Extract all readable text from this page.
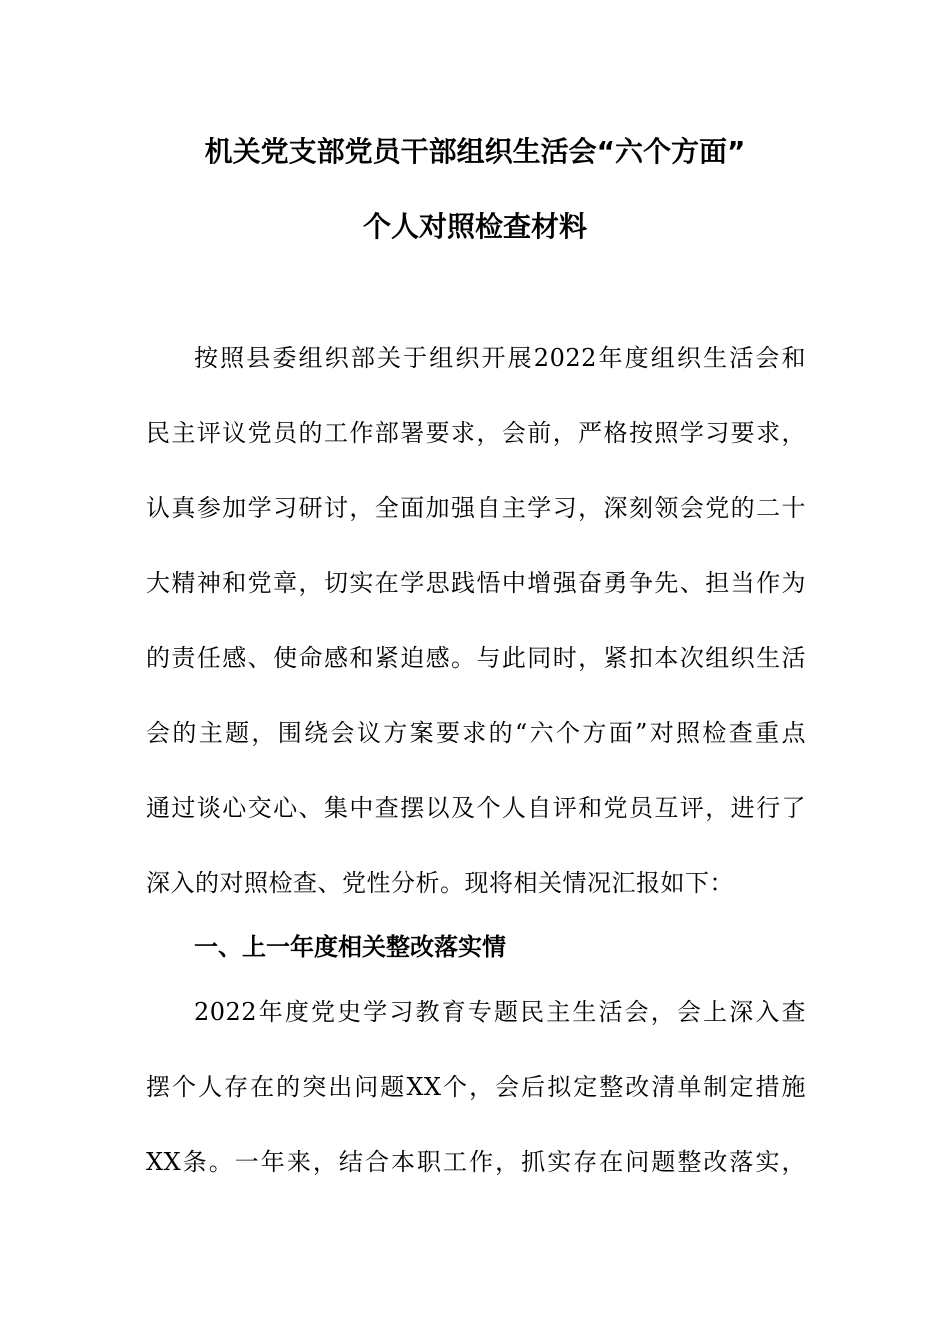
机关党支部党员干部组织生活会“六个方面”
个人对照检查材料
按照县委组织部关于组织开展2022年度组织生活会和
民主评议党员的工作部署要求，会前，严格按照学习要求，
认真参加学习研讨，全面加强自主学习，深刻领会党的二十
大精神和党章，切实在学思践悟中增强奋勇争先、担当作为
的责任感、使命感和紧迫感。与此同时，紧扣本次组织生活
会的主题，围绕会议方案要求的“六个方面”对照检查重点
通过谈心交心、集中查摆以及个人自评和党员互评，进行了
深入的对照检查、党性分析。现将相关情况汇报如下：
一、上一年度相关整改落实情
2022年度党史学习教育专题民主生活会，会上深入查
摆个人存在的突出问题XX个，会后拟定整改清单制定措施
XX条。一年来，结合本职工作，抓实存在问题整改落实，
